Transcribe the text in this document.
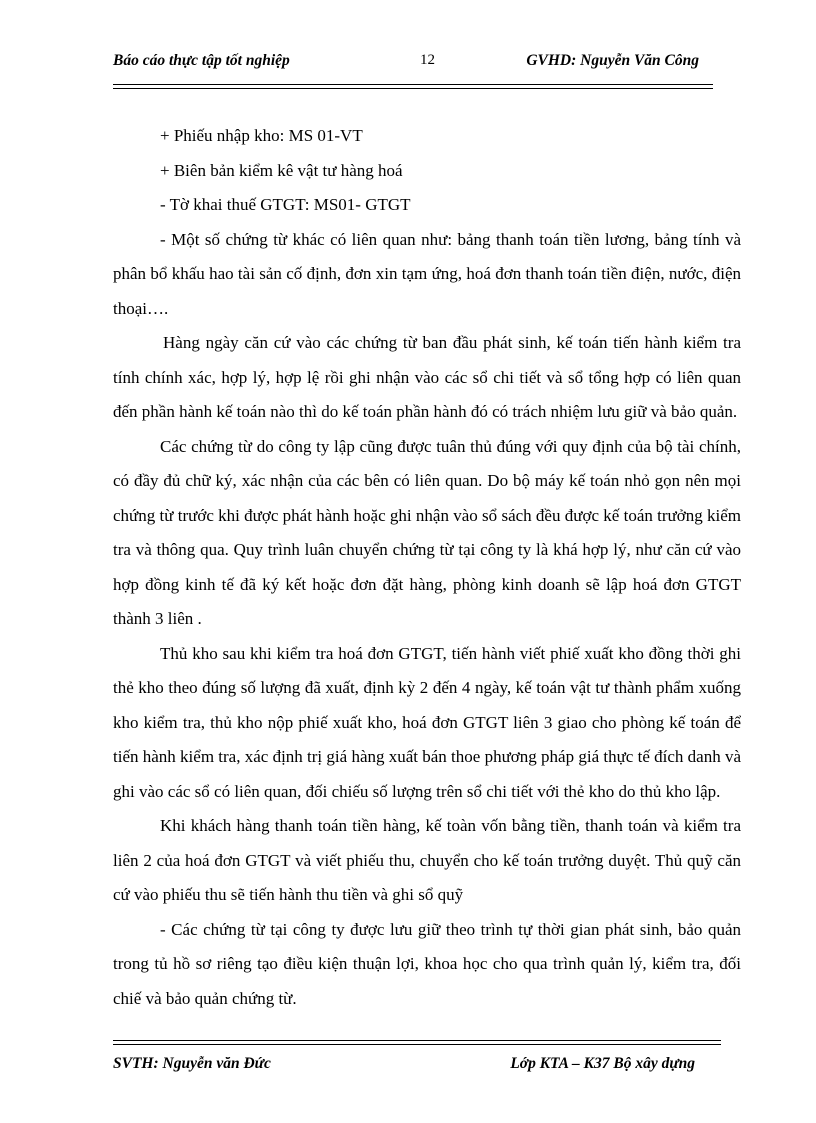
Báo cáo thực tập tốt nghiệp	12	GVHD: Nguyễn Văn Công

+ Phiếu nhập kho: MS 01-VT

+ Biên bản kiểm kê vật tư hàng hoá

- Tờ khai thuế GTGT: MS01- GTGT

- Một số chứng từ khác có liên quan như: bảng thanh toán tiền lương, bảng tính và phân bổ khấu hao tài sản cố định, đơn xin tạm ứng, hoá đơn thanh toán tiền điện, nước, điện thoại….

Hàng ngày căn cứ vào các chứng từ ban đầu phát sinh, kế toán tiến hành kiểm tra tính chính xác, hợp lý, hợp lệ rồi ghi nhận vào các sổ chi tiết và sổ tổng hợp có liên quan đến phần hành kế toán nào thì do kế toán phần hành đó có trách nhiệm lưu giữ và bảo quản.

Các chứng từ do công ty lập cũng được tuân thủ đúng với quy định của bộ tài chính, có đầy đủ chữ ký, xác nhận của các bên có liên quan. Do bộ máy kế toán nhỏ gọn nên mọi chứng từ trước khi được phát hành hoặc ghi nhận vào sổ sách đều được kế toán trưởng kiểm tra và thông qua. Quy trình luân chuyển chứng từ tại công ty là khá hợp lý, như căn cứ vào hợp đồng kinh tế đã ký kết hoặc đơn đặt hàng, phòng kinh doanh sẽ lập hoá đơn GTGT thành 3 liên .

Thủ kho sau khi kiểm tra hoá đơn GTGT, tiến hành viết phiế xuất kho đồng thời ghi thẻ kho theo đúng số lượng đã xuất, định kỳ 2 đến 4 ngày, kế toán vật tư thành phẩm xuống kho kiểm tra, thủ kho nộp phiế xuất kho, hoá đơn GTGT liên 3 giao cho phòng kế toán để tiến hành kiểm tra, xác định trị giá hàng xuất bán thoe phương pháp giá thực tế đích danh và ghi vào các sổ có liên quan, đối chiếu số lượng trên sổ chi tiết với thẻ kho do thủ kho lập.

Khi khách hàng thanh toán tiền hàng, kế toàn vốn bằng tiền, thanh toán và kiểm tra liên 2 của hoá đơn GTGT và viết phiếu thu, chuyển cho kế toán trưởng duyệt. Thủ quỹ căn cứ vào phiếu thu sẽ tiến hành thu tiền và ghi sổ quỹ

- Các chứng từ tại công ty được lưu giữ theo trình tự thời gian phát sinh, bảo quản trong tủ hồ sơ riêng tạo điều kiện thuận lợi, khoa học cho qua trình quản lý, kiểm tra, đối chiế và bảo quản chứng từ.

SVTH: Nguyễn văn Đức	Lớp KTA – K37 Bộ xây dựng
